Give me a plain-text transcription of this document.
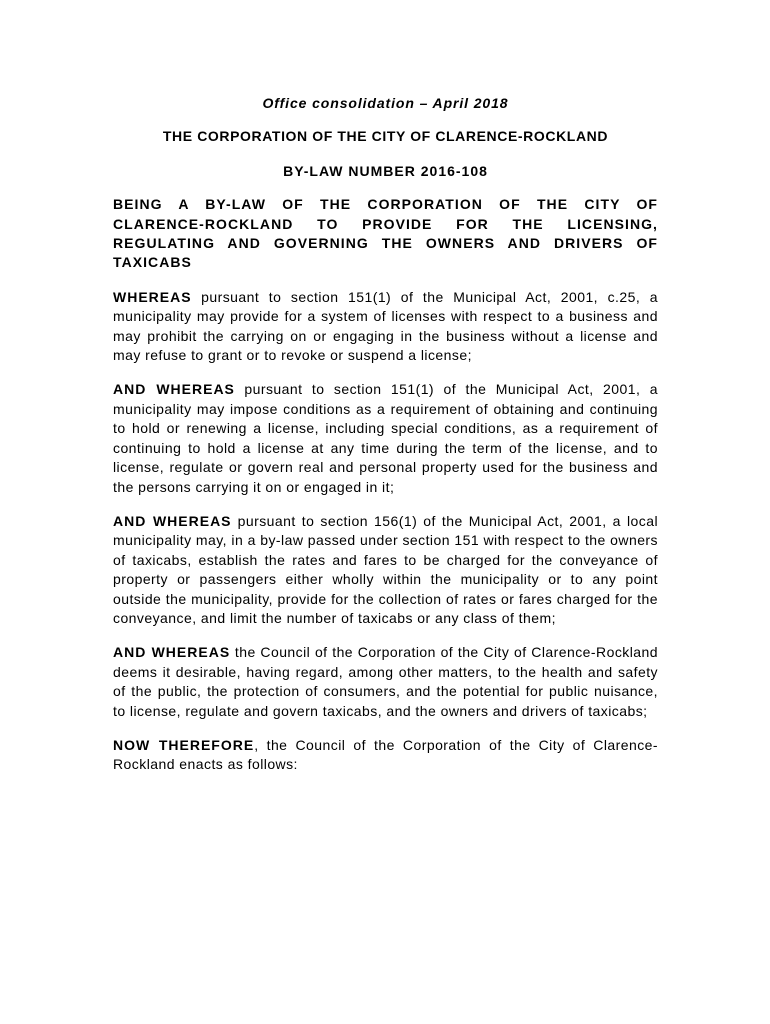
Office consolidation – April 2018

THE CORPORATION OF THE CITY OF CLARENCE-ROCKLAND

BY-LAW NUMBER 2016-108

BEING A BY-LAW OF THE CORPORATION OF THE CITY OF CLARENCE-ROCKLAND TO PROVIDE FOR THE LICENSING, REGULATING AND GOVERNING THE OWNERS AND DRIVERS OF TAXICABS

WHEREAS pursuant to section 151(1) of the Municipal Act, 2001, c.25, a municipality may provide for a system of licenses with respect to a business and may prohibit the carrying on or engaging in the business without a license and may refuse to grant or to revoke or suspend a license;

AND WHEREAS pursuant to section 151(1) of the Municipal Act, 2001, a municipality may impose conditions as a requirement of obtaining and continuing to hold or renewing a license, including special conditions, as a requirement of continuing to hold a license at any time during the term of the license, and to license, regulate or govern real and personal property used for the business and the persons carrying it on or engaged in it;

AND WHEREAS pursuant to section 156(1) of the Municipal Act, 2001, a local municipality may, in a by-law passed under section 151 with respect to the owners of taxicabs, establish the rates and fares to be charged for the conveyance of property or passengers either wholly within the municipality or to any point outside the municipality, provide for the collection of rates or fares charged for the conveyance, and limit the number of taxicabs or any class of them;

AND WHEREAS the Council of the Corporation of the City of Clarence-Rockland deems it desirable, having regard, among other matters, to the health and safety of the public, the protection of consumers, and the potential for public nuisance, to license, regulate and govern taxicabs, and the owners and drivers of taxicabs;

NOW THEREFORE, the Council of the Corporation of the City of Clarence-Rockland enacts as follows:
